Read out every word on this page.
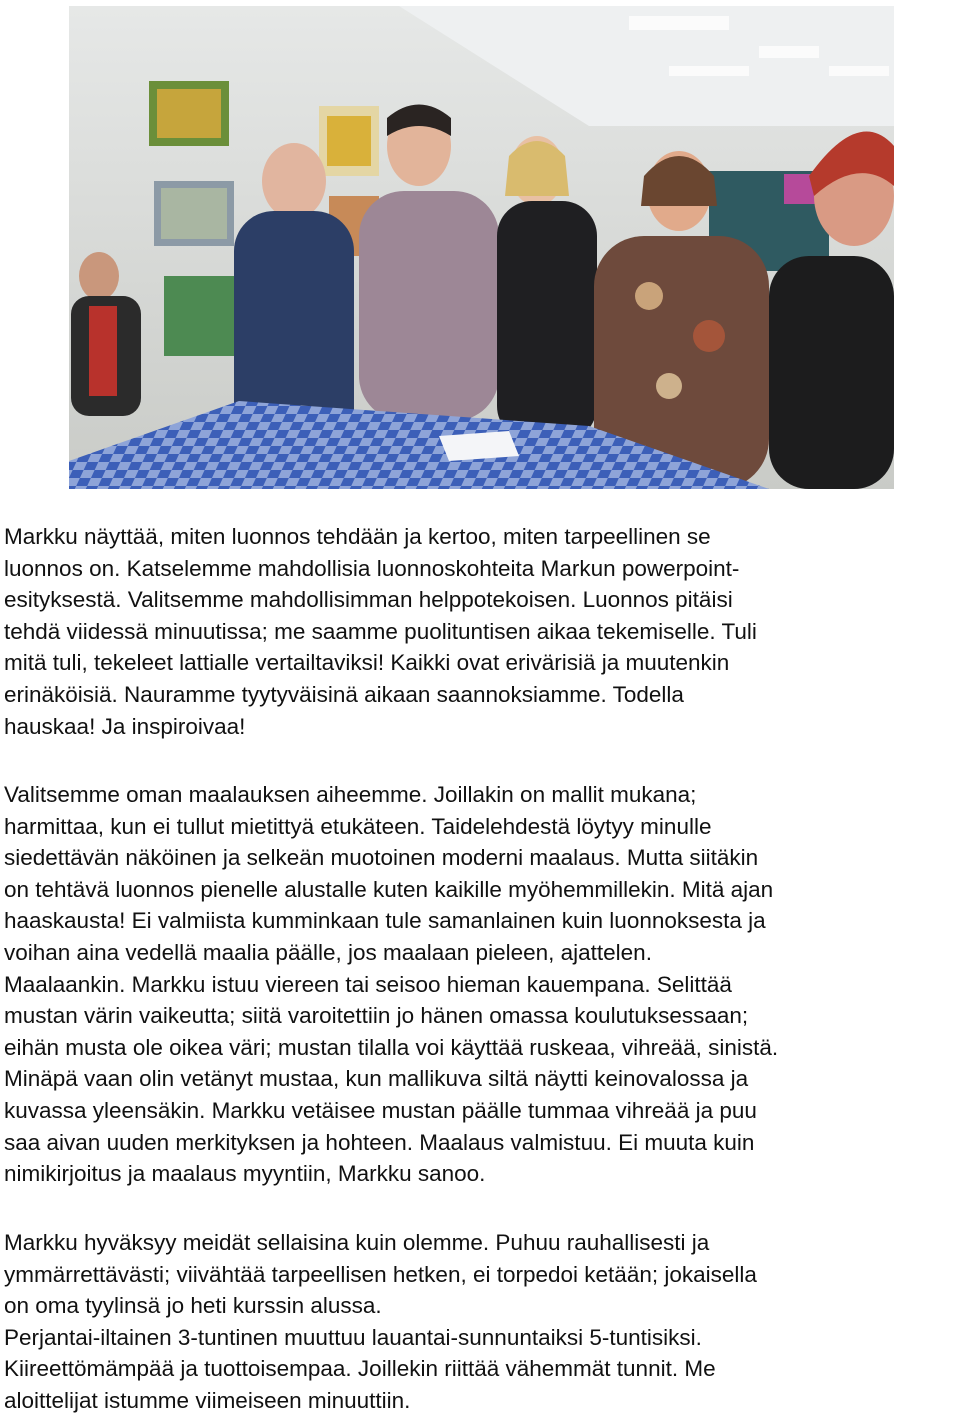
Markku näyttää, miten luonnos tehdään ja kertoo, miten tarpeellinen se
luonnos on. Katselemme mahdollisia luonnoskohteita Markun powerpoint-
esityksestä. Valitsemme mahdollisimman helppotekoisen. Luonnos pitäisi
tehdä viidessä minuutissa; me saamme puolituntisen aikaa tekemiselle. Tuli
mitä tuli, tekeleet lattialle vertailtaviksi! Kaikki ovat erivärisiä ja muutenkin
erinäköisiä. Nauramme tyytyväisinä aikaan saannoksiamme. Todella
hauskaa! Ja inspiroivaa!

Valitsemme oman maalauksen aiheemme. Joillakin on mallit mukana;
harmittaa, kun ei tullut mietittyä etukäteen. Taidelehdestä löytyy minulle
siedettävän näköinen ja selkeän muotoinen moderni maalaus. Mutta siitäkin
on tehtävä luonnos pienelle alustalle kuten kaikille myöhemmillekin. Mitä ajan
haaskausta! Ei valmiista kumminkaan tule samanlainen kuin luonnoksesta ja
voihan aina vedellä maalia päälle, jos maalaan pieleen, ajattelen.
Maalaankin. Markku istuu viereen tai seisoo hieman kauempana. Selittää
mustan värin vaikeutta; siitä varoitettiin jo hänen omassa koulutuksessaan;
eihän musta ole oikea väri; mustan tilalla voi käyttää ruskeaa, vihreää, sinistä.
Minäpä vaan olin vetänyt mustaa, kun mallikuva siltä näytti keinovalossa ja
kuvassa yleensäkin. Markku vetäisee mustan päälle tummaa vihreää ja puu
saa aivan uuden merkityksen ja hohteen. Maalaus valmistuu. Ei muuta kuin
nimikirjoitus ja maalaus myyntiin, Markku sanoo.

Markku hyväksyy meidät sellaisina kuin olemme. Puhuu rauhallisesti ja
ymmärrettävästi; viivähtää tarpeellisen hetken, ei torpedoi ketään; jokaisella
on oma tyylinsä jo heti kurssin alussa.
Perjantai-iltainen 3-tuntinen muuttuu lauantai-sunnuntaiksi 5-tuntisiksi.
Kiireettömämpää ja tuottoisempaa. Joillekin riittää vähemmät tunnit. Me
aloittelijat istumme viimeiseen minuuttiin.
